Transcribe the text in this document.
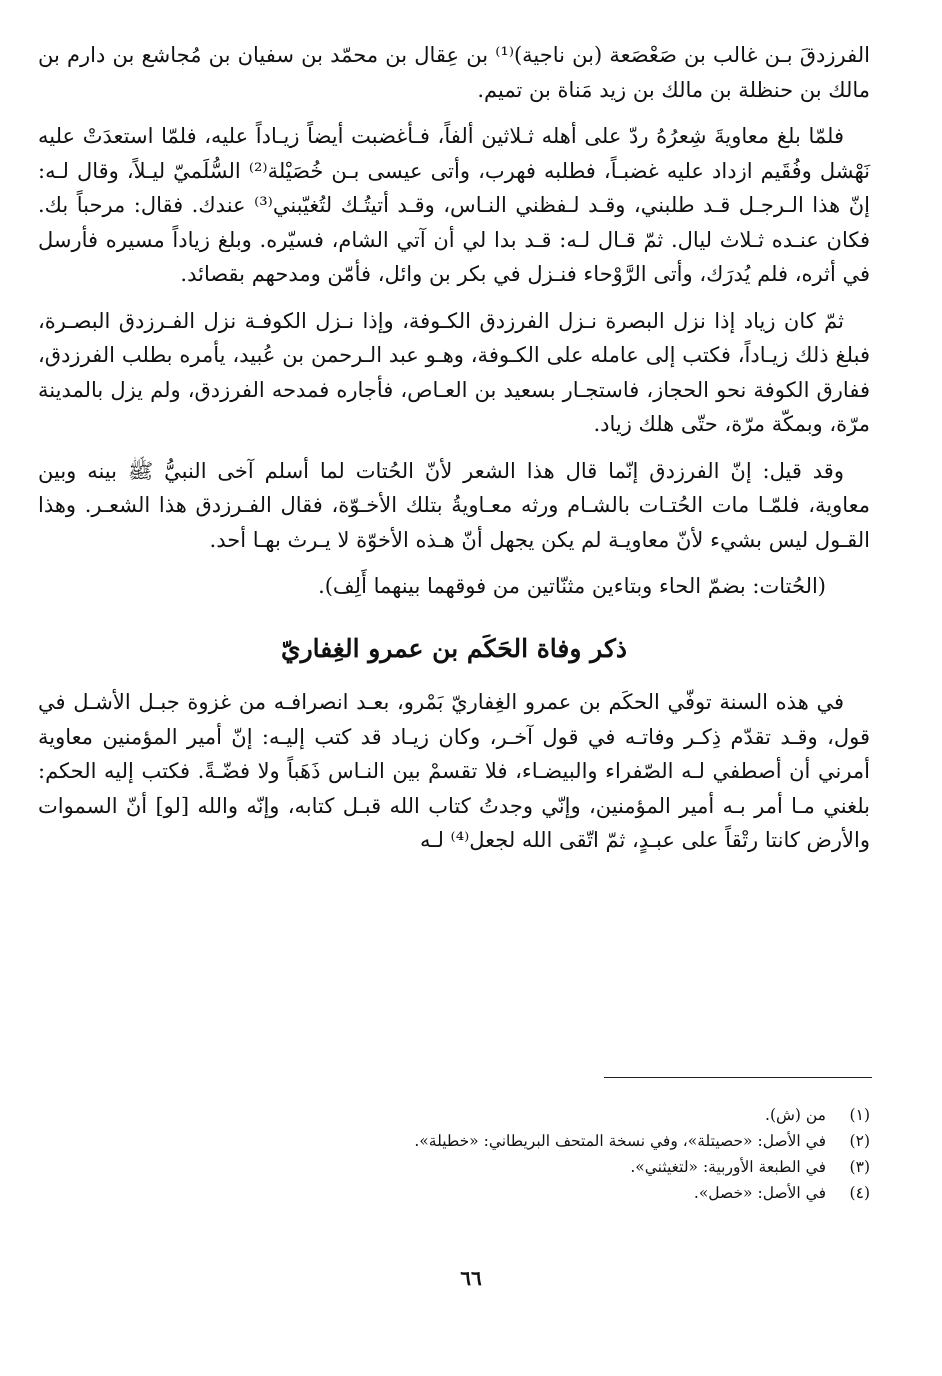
الفرزدقَ بـن غالب بن صَعْصَعة (بن ناجية)⁽¹⁾ بن عِقال بن محمّد بن سفيان بن مُجاشع بن دارم بن مالك بن حنظلة بن مالك بن زيد مَناة بن تميم.

فلمّا بلغ معاويةَ شِعرُهُ ردّ على أهله ثـلاثين ألفاً، فـأغضبت أيضاً زيـاداً عليه، فلمّا استعدَتْ عليه نَهْشل وفُقَيم ازداد عليه غضبـاً، فطلبه فهرب، وأتى عيسى بـن خُصَيْلة⁽²⁾ السُّلَميّ ليـلاً، وقال لـه: إنّ هذا الـرجـل قـد طلبني، وقـد لـفظني النـاس، وقـد أتيتُـك لتُغيّبني⁽³⁾ عندك. فقال: مرحباً بك. فكان عنـده ثـلاث ليال. ثمّ قـال لـه: قـد بدا لي أن آتي الشام، فسيّره. وبلغ زياداً مسيره فأرسل في أثره، فلم يُدرَك، وأتى الرَّوْحاء فنـزل في بكر بن وائل، فأمّن ومدحهم بقصائد.

ثمّ كان زياد إذا نزل البصرة نـزل الفرزدق الكـوفة، وإذا نـزل الكوفـة نزل الفـرزدق البصـرة، فبلغ ذلك زيـاداً، فكتب إلى عامله على الكـوفة، وهـو عبد الـرحمن بن عُبيد، يأمره بطلب الفرزدق، ففارق الكوفة نحو الحجاز، فاستجـار بسعيد بن العـاص، فأجاره فمدحه الفرزدق، ولم يزل بالمدينة مرّة، وبمكّة مرّة، حتّى هلك زياد.

وقد قيل: إنّ الفرزدق إنّما قال هذا الشعر لأنّ الحُتات لما أسلم آخى النبيُّ ﷺ بينه وبين معاوية، فلمّـا مات الحُتـات بالشـام ورثه معـاويةُ بتلك الأخـوّة، فقال الفـرزدق هذا الشعـر. وهذا القـول ليس بشيء لأنّ معاويـة لم يكن يجهل أنّ هـذه الأخوّة لا يـرث بهـا أحد.

(الحُتات: بضمّ الحاء وبتاءين مثنّاتين من فوقهما بينهما أَلِف).

ذكر وفاة الحَكَم بن عمرو الغِفاريّ

في هذه السنة توفّي الحكَم بن عمرو الغِفاريّ بَمْرو، بعـد انصرافـه من غزوة جبـل الأشـل في قول، وقـد تقدّم ذِكـر وفاتـه في قول آخـر، وكان زيـاد قد كتب إليـه: إنّ أمير المؤمنين معاوية أمرني أن أصطفي لـه الصّفراء والبيضـاء، فلا تقسمْ بين النـاس ذَهَباً ولا فضّـةً. فكتب إليه الحكم: بلغني مـا أمر بـه أمير المؤمنين، وإنّي وجدتُ كتاب الله قبـل كتابه، وإنّه والله [لو] أنّ السموات والأرض كانتا رتْقاً على عبـدٍ، ثمّ اتّقى الله لجعل⁽⁴⁾ لـه

(١)
من (ش).
(٢)
في الأصل: «حصيتلة»، وفي نسخة المتحف البريطاني: «خطيلة».
(٣)
في الطبعة الأوربية: «لتغيثني».
(٤)
في الأصل: «خصل».
٦٦
